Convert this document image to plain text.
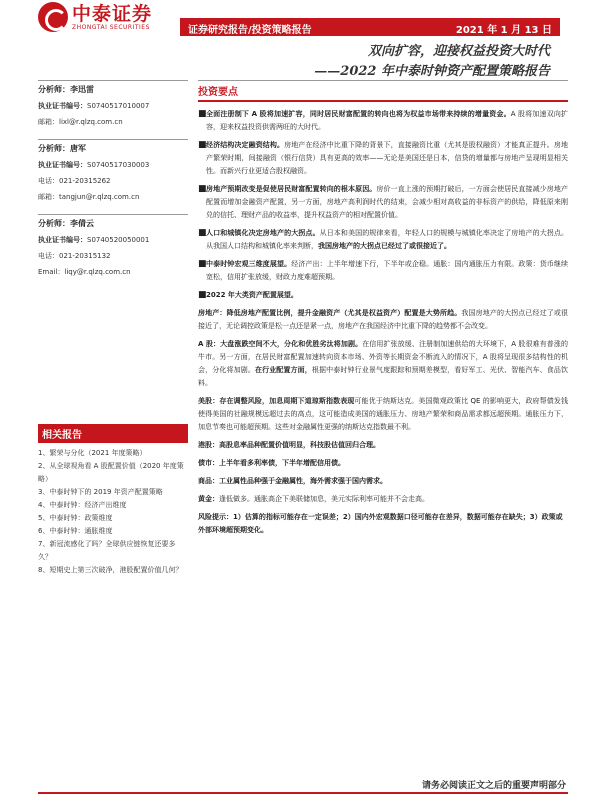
中泰证券
ZHONGTAI SECURITIES	证券研究报告/投资策略报告	2021 年 1 月 13 日
双向扩容，迎接权益投资大时代
——2022 年中泰时钟资产配置策略报告
分析师：李迅雷
执业证书编号：S0740517010007
邮箱：lixl@r.qlzq.com.cn
分析师：唐军
执业证书编号：S0740517030003
电话：021-20315262
邮箱：tangjun@r.qlzq.com.cn
分析师：李倩云
执业证书编号：S0740520050001
电话：021-20315132
Email：liqy@r.qlzq.com.cn
相关报告
1、繁荣与分化（2021 年度策略）
2、从全球视角看 A 股配置价值（2020 年度策略）
3、中泰时钟下的 2019 年资产配置策略
4、中泰时钟：经济产出维度
5、中泰时钟：政策维度
6、中泰时钟：通胀维度
7、新冠流感化了吗？全球供应链恢复还要多久？
8、短期史上第三次破净，港股配置价值几何？
投资要点
■ 全面注册制下 A 股将加速扩容，同时居民财富配置的转向也将为权益市场带来持续的增量资金。A 股将加速双向扩容，迎来权益投资供需两旺的大时代。
■ 经济结构决定融资结构。房地产在经济中比重下降的背景下，直接融资比重（尤其是股权融资）才能真正提升。房地产繁荣时期，间接融资（银行信贷）具有更高的效率——无论是美国还是日本，信贷的增量都与房地产呈现明显相关性。而新兴行业更适合股权融资。
■ 房地产预期改变是促使居民财富配置转向的根本原因。房价一直上涨的预期打破后，一方面会使居民直接减少房地产配置而增加金融资产配置，另一方面，房地产高利润时代的结束，会减少相对高收益的非标资产的供给，降低原来刚兑的信托、理财产品的收益率，提升权益资产的相对配置价值。
■ 人口和城镇化决定房地产的大拐点。从日本和美国的规律来看，年轻人口的规模与城镇化率决定了房地产的大拐点。从我国人口结构和城镇化率来判断，我国房地产的大拐点已经过了或很接近了。
■ 中泰时钟宏观三维度展望。经济产出：上半年增速下行，下半年或企稳。通胀：国内通胀压力有限。政策：货币继续宽松，信用扩张放缓，财政力度难超预期。
■ 2022 年大类资产配置展望。
房地产：降低房地产配置比例，提升金融资产（尤其是权益资产）配置是大势所趋。我国房地产的大拐点已经过了或很接近了，无论调控政策是松一点还是紧一点，房地产在我国经济中比重下降的趋势都不会改变。
A 股：大盘涨跌空间不大，分化和优胜劣汰将加剧。在信用扩张放缓、注册制加速供给的大环境下，A 股很难有普涨的牛市。另一方面，在居民财富配置加速转向资本市场、外资等长期资金不断流入的情况下，A 股将呈现很多结构性的机会，分化将加剧。在行业配置方面，根据中泰时钟行业景气度跟踪和预期差模型，看好军工、光伏、智能汽车、食品饮料。
美股：存在调整风险，加息周期下道琼斯指数表现可能优于纳斯达克。美国微观政策比 QE 的影响更大，政府帮债发钱使得美国的社融规模远超过去的高点，这可能造成美国的通胀压力、房地产繁荣和商品需求都远超预期。通胀压力下，加息节奏也可能超预期。这些对金融属性更强的纳斯达克指数最不利。
港股：高股息率品种配置价值明显，科技股估值回归合理。
债市：上半年看多利率债，下半年增配信用债。
商品：工业属性品种强于金融属性，海外需求强于国内需求。
黄金：逢低做多。通胀高企下美联储加息，美元实际利率可能并不会走高。
风险提示：1）估算的指标可能存在一定误差；2）国内外宏观数据口径可能存在差异，数据可能存在缺失；3）政策或外部环境超预期变化。
请务必阅读正文之后的重要声明部分
